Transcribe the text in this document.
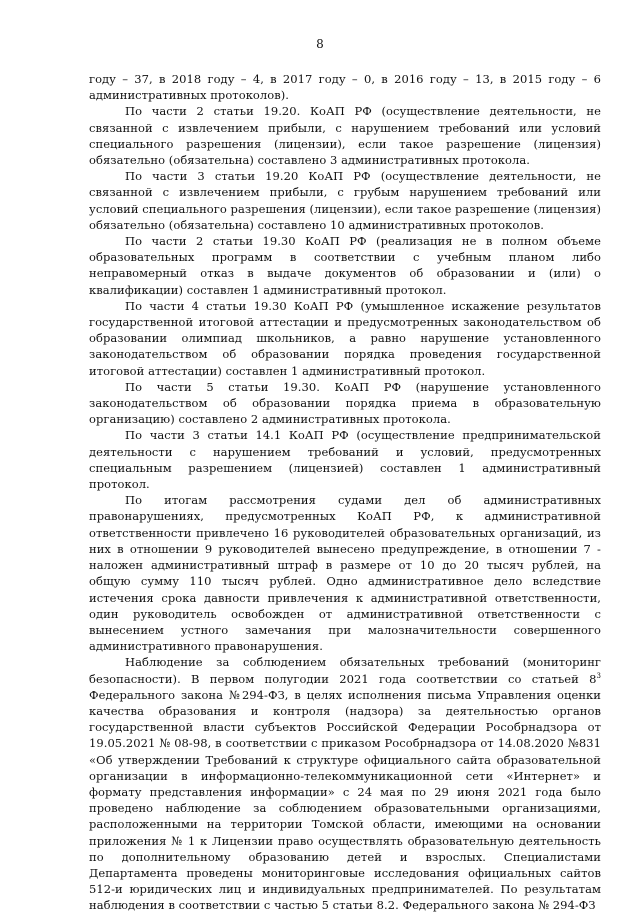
8

году – 37, в 2018 году – 4, в 2017 году – 0, в 2016 году – 13, в 2015 году – 6 административных протоколов).

По части 2 статьи 19.20. КоАП РФ (осуществление деятельности, не связанной с извлечением прибыли, с нарушением требований или условий специального разрешения (лицензии), если такое разрешение (лицензия) обязательно (обязательна) составлено 3 административных протокола.

По части 3 статьи 19.20 КоАП РФ (осуществление деятельности, не связанной с извлечением прибыли, с грубым нарушением требований или условий специального разрешения (лицензии), если такое разрешение (лицензия) обязательно (обязательна) составлено 10 административных протоколов.

По части 2 статьи 19.30 КоАП РФ (реализация не в полном объеме образовательных программ в соответствии с учебным планом либо неправомерный отказ в выдаче документов об образовании и (или) о квалификации) составлен 1 административный протокол.

По части 4 статьи 19.30 КоАП РФ (умышленное искажение результатов государственной итоговой аттестации и предусмотренных законодательством об образовании олимпиад школьников, а равно нарушение установленного законодательством об образовании порядка проведения государственной итоговой аттестации) составлен 1 административный протокол.

По части 5 статьи 19.30. КоАП РФ (нарушение установленного законодательством об образовании порядка приема в образовательную организацию) составлено 2 административных протокола.

По части 3 статьи 14.1 КоАП РФ (осуществление предпринимательской деятельности с нарушением требований и условий, предусмотренных специальным разрешением (лицензией) составлен 1 административный протокол.

По итогам рассмотрения судами дел об административных правонарушениях, предусмотренных КоАП РФ, к административной ответственности привлечено 16 руководителей образовательных организаций, из них в отношении 9 руководителей вынесено предупреждение, в отношении 7 - наложен административный штраф в размере от 10 до 20 тысяч рублей, на общую сумму 110 тысяч рублей. Одно административное дело вследствие истечения срока давности привлечения к административной ответственности, один руководитель освобожден от административной ответственности с вынесением устного замечания при малозначительности совершенного административного правонарушения.

Наблюдение за соблюдением обязательных требований (мониторинг безопасности). В первом полугодии 2021 года соответствии со статьей $8^3$ Федерального закона №294-ФЗ, в целях исполнения письма Управления оценки качества образования и контроля (надзора) за деятельностью органов государственной власти субъектов Российской Федерации Рособрнадзора от 19.05.2021 № 08-98, в соответствии с приказом Рособрнадзора от 14.08.2020 №831 «Об утверждении Требований к структуре официального сайта образовательной организации в информационно-телекоммуникационной сети «Интернет» и формату представления информации» с 24 мая по 29 июня 2021 года было проведено наблюдение за соблюдением образовательными организациями, расположенными на территории Томской области, имеющими на основании приложения № 1 к Лицензии право осуществлять образовательную деятельность по дополнительному образованию детей и взрослых. Специалистами Департамента проведены мониторинговые исследования официальных сайтов 512-и юридических лиц и индивидуальных предпринимателей. По результатам наблюдения в соответствии с частью 5 статьи 8.2. Федерального закона № 294-ФЗ
